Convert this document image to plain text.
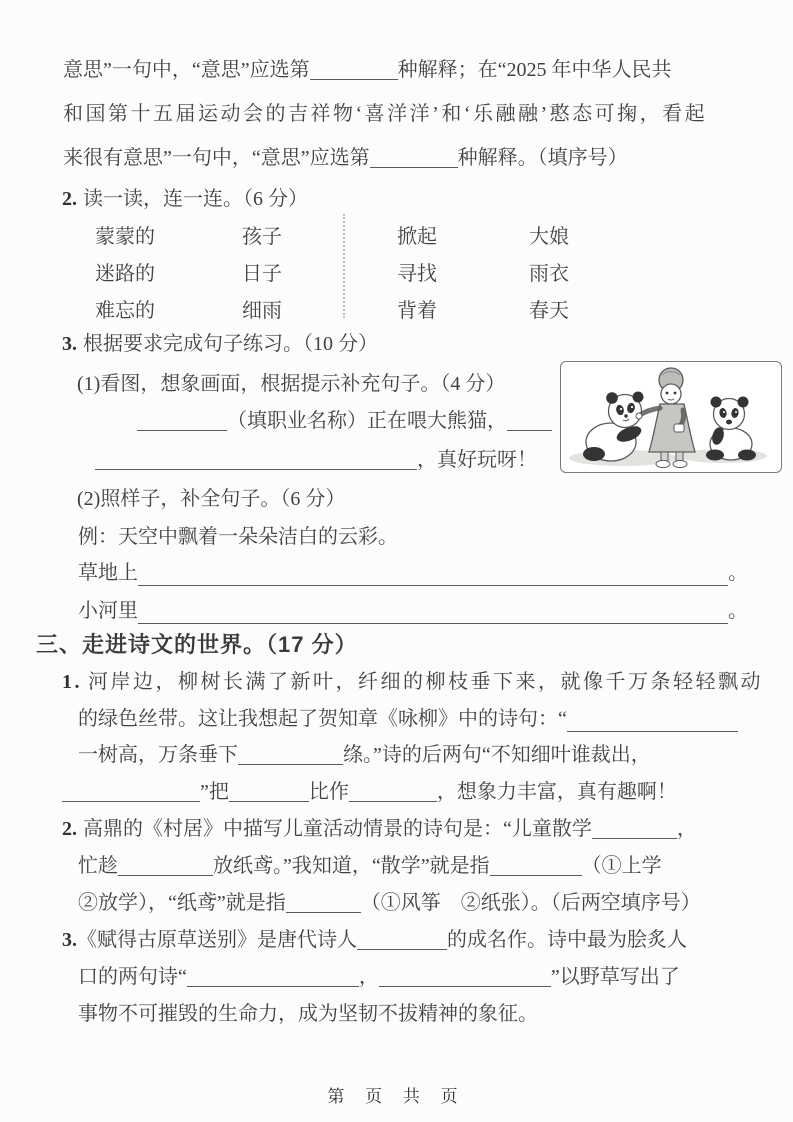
意思”一句中，“意思”应选第	种解释；在“2025 年中华人民共
和国第十五届运动会的吉祥物‘喜洋洋’和‘乐融融’憨态可掬，看起
来很有意思”一句中，“意思”应选第	种解释。（填序号）
2. 读一读，连一连。（6 分）
蒙蒙的	孩子	掀起	大娘
迷路的	日子	寻找	雨衣
难忘的	细雨	背着	春天
3. 根据要求完成句子练习。（10 分）
(1)看图，想象画面，根据提示补充句子。（4 分）
（填职业名称）正在喂大熊猫，
，真好玩呀！
(2)照样子，补全句子。（6 分）
例：天空中飘着一朵朵洁白的云彩。
草地上	。
小河里	。
三、走进诗文的世界。（17 分）
1. 河岸边，柳树长满了新叶，纤细的柳枝垂下来，就像千万条轻轻飘动
的绿色丝带。这让我想起了贺知章《咏柳》中的诗句：“
一树高，万条垂下	绦。”诗的后两句“不知细叶谁裁出，
”把	比作	，想象力丰富，真有趣啊！
2. 高鼎的《村居》中描写儿童活动情景的诗句是：“儿童散学	，
忙趁	放纸鸢。”我知道，“散学”就是指	（①上学
②放学），“纸鸢”就是指	（①风筝　②纸张）。（后两空填序号）
3.《赋得古原草送别》是唐代诗人	的成名作。诗中最为脍炙人
口的两句诗“	，	”以野草写出了
事物不可摧毁的生命力，成为坚韧不拔精神的象征。
第 页 共 页
